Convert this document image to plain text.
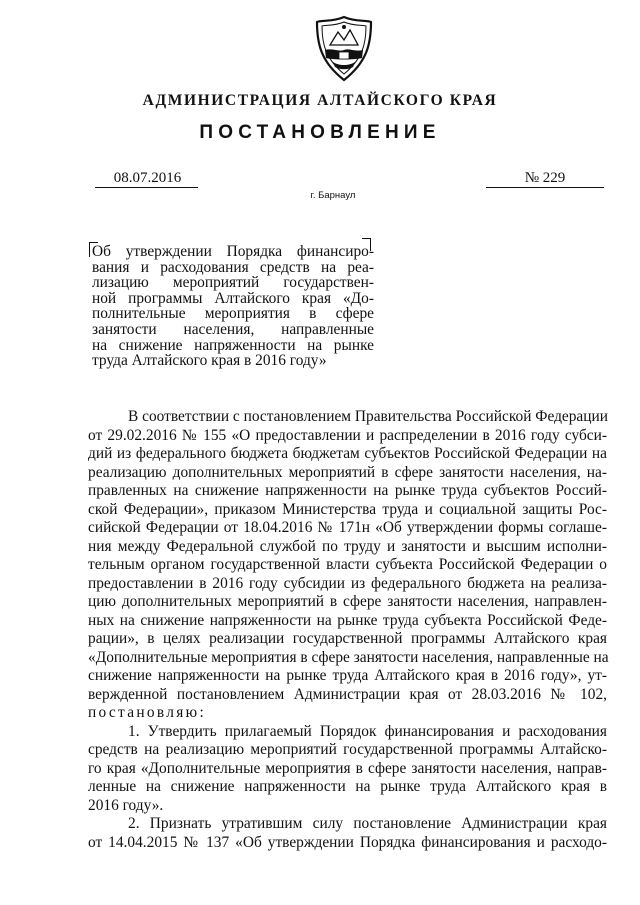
АДМИНИСТРАЦИЯ АЛТАЙСКОГО КРАЯ
ПОСТАНОВЛЕНИЕ
08.07.2016	№ 229
г. Барнаул
Об утверждении Порядка финансиро-
вания и расходования средств на реа-
лизацию мероприятий государствен-
ной программы Алтайского края «До-
полнительные мероприятия в сфере
занятости населения, направленные
на снижение напряженности на рынке
труда Алтайского края в 2016 году»
В соответствии с постановлением Правительства Российской Федерации
от 29.02.2016 № 155 «О предоставлении и распределении в 2016 году субси-
дий из федерального бюджета бюджетам субъектов Российской Федерации на
реализацию дополнительных мероприятий в сфере занятости населения, на-
правленных на снижение напряженности на рынке труда субъектов Россий-
ской Федерации», приказом Министерства труда и социальной защиты Рос-
сийской Федерации от 18.04.2016 № 171н «Об утверждении формы соглаше-
ния между Федеральной службой по труду и занятости и высшим исполни-
тельным органом государственной власти субъекта Российской Федерации о
предоставлении в 2016 году субсидии из федерального бюджета на реализа-
цию дополнительных мероприятий в сфере занятости населения, направлен-
ных на снижение напряженности на рынке труда субъекта Российской Феде-
рации», в целях реализации государственной программы Алтайского края
«Дополнительные мероприятия в сфере занятости населения, направленные на
снижение напряженности на рынке труда Алтайского края в 2016 году», ут-
вержденной постановлением Администрации края от 28.03.2016 № 102,
постановляю:
1. Утвердить прилагаемый Порядок финансирования и расходования
средств на реализацию мероприятий государственной программы Алтайско-
го края «Дополнительные мероприятия в сфере занятости населения, направ-
ленные на снижение напряженности на рынке труда Алтайского края в
2016 году».
2. Признать утратившим силу постановление Администрации края
от 14.04.2015 № 137 «Об утверждении Порядка финансирования и расходо-
